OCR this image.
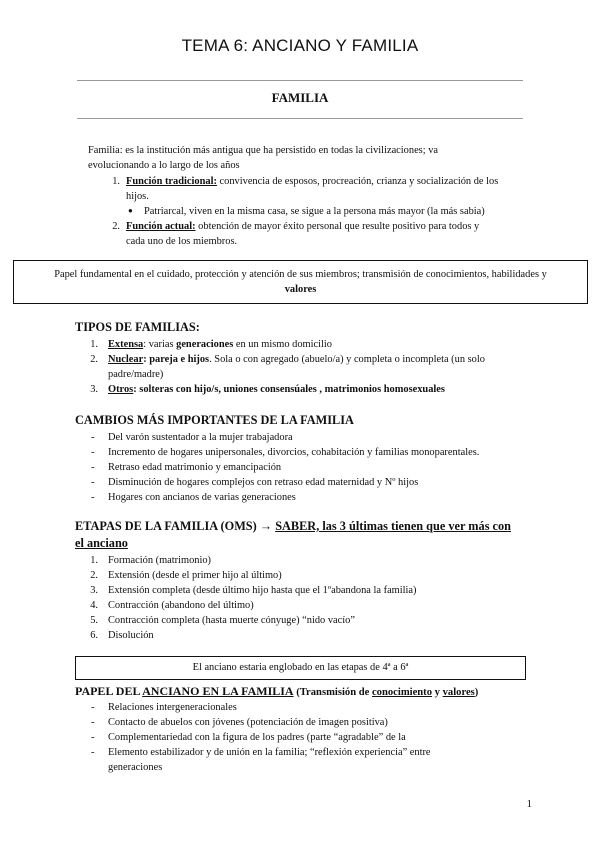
TEMA 6: ANCIANO Y FAMILIA
FAMILIA
Familia: es la institución más antigua que ha persistido en todas la civilizaciones; va
evolucionando a lo largo de los años
1. Función tradicional: convivencia de esposos, procreación, crianza y socialización de los
hijos.
● Patriarcal, viven en la misma casa, se sigue a la persona más mayor (la más sabia)
2. Función actual: obtención de mayor éxito personal que resulte positivo para todos y
cada uno de los miembros.
Papel fundamental en el cuidado, protección y atención de sus miembros; transmisión de conocimientos, habilidades y
valores
TIPOS DE FAMILIAS:
1. Extensa: varias generaciones en un mismo domicilio
2. Nuclear: pareja e hijos. Sola o con agregado (abuelo/a) y completa o incompleta (un solo
padre/madre)
3. Otros: solteras con hijo/s, uniones consensúales , matrimonios homosexuales
CAMBIOS MÁS IMPORTANTES DE LA FAMILIA
-	Del varón sustentador a la mujer trabajadora
-	Incremento de hogares unipersonales, divorcios, cohabitación y familias monoparentales.
-	Retraso edad matrimonio y emancipación
-	Disminución de hogares complejos con retraso edad maternidad y Nº hijos
-	Hogares con ancianos de varias generaciones
ETAPAS DE LA FAMILIA (OMS) → SABER, las 3 últimas tienen que ver más con
el anciano
1. Formación (matrimonio)
2. Extensión (desde el primer hijo al último)
3. Extensión completa (desde último hijo hasta que el 1ºabandona la familia)
4. Contracción (abandono del último)
5. Contracción completa (hasta muerte cónyuge) “nido vacío”
6. Disolución
El anciano estaria englobado en las etapas de 4ª a 6ª
PAPEL DEL ANCIANO EN LA FAMILIA (Transmisión de conocimiento y valores)
-	Relaciones intergeneracionales
-	Contacto de abuelos con jóvenes (potenciación de imagen positiva)
-	Complementariedad con la figura de los padres (parte “agradable” de la
-	Elemento estabilizador y de unión en la familia; “reflexión experiencia” entre
generaciones
1
